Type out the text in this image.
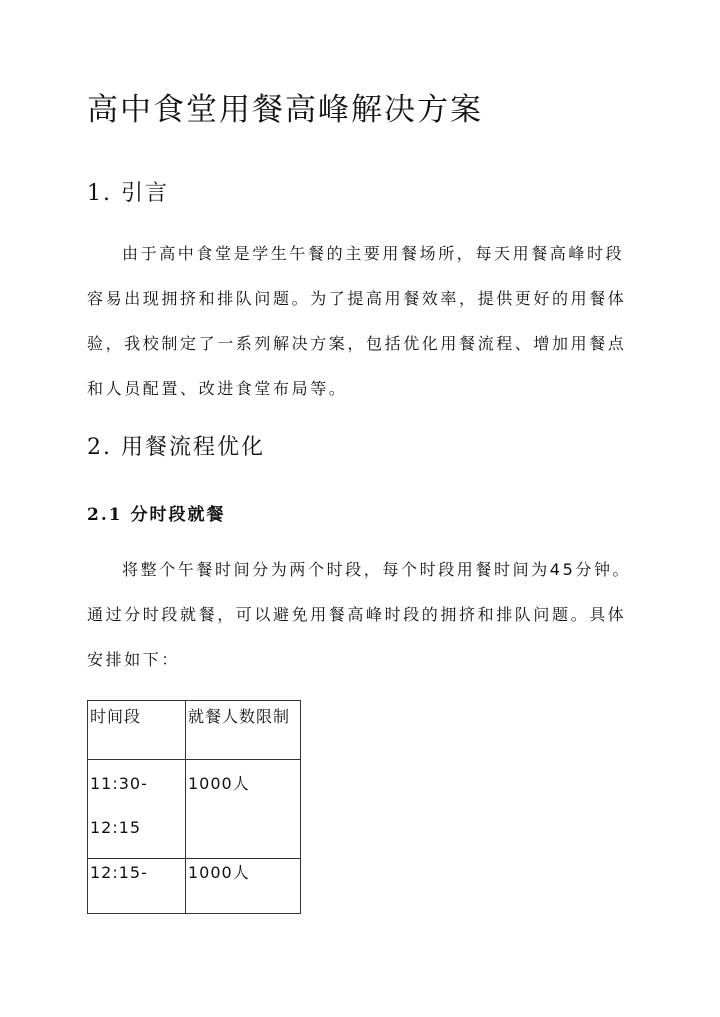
高中食堂用餐高峰解决方案
1. 引言

由于高中食堂是学生午餐的主要用餐场所，每天用餐高峰时段
容易出现拥挤和排队问题。为了提高用餐效率，提供更好的用餐体
验，我校制定了一系列解决方案，包括优化用餐流程、增加用餐点
和人员配置、改进食堂布局等。

2. 用餐流程优化
2.1 分时段就餐

将整个午餐时间分为两个时段，每个时段用餐时间为45分钟。
通过分时段就餐，可以避免用餐高峰时段的拥挤和排队问题。具体
安排如下：

时间段	就餐人数限制

11:30-
12:15	1000人

12:15-	1000人
